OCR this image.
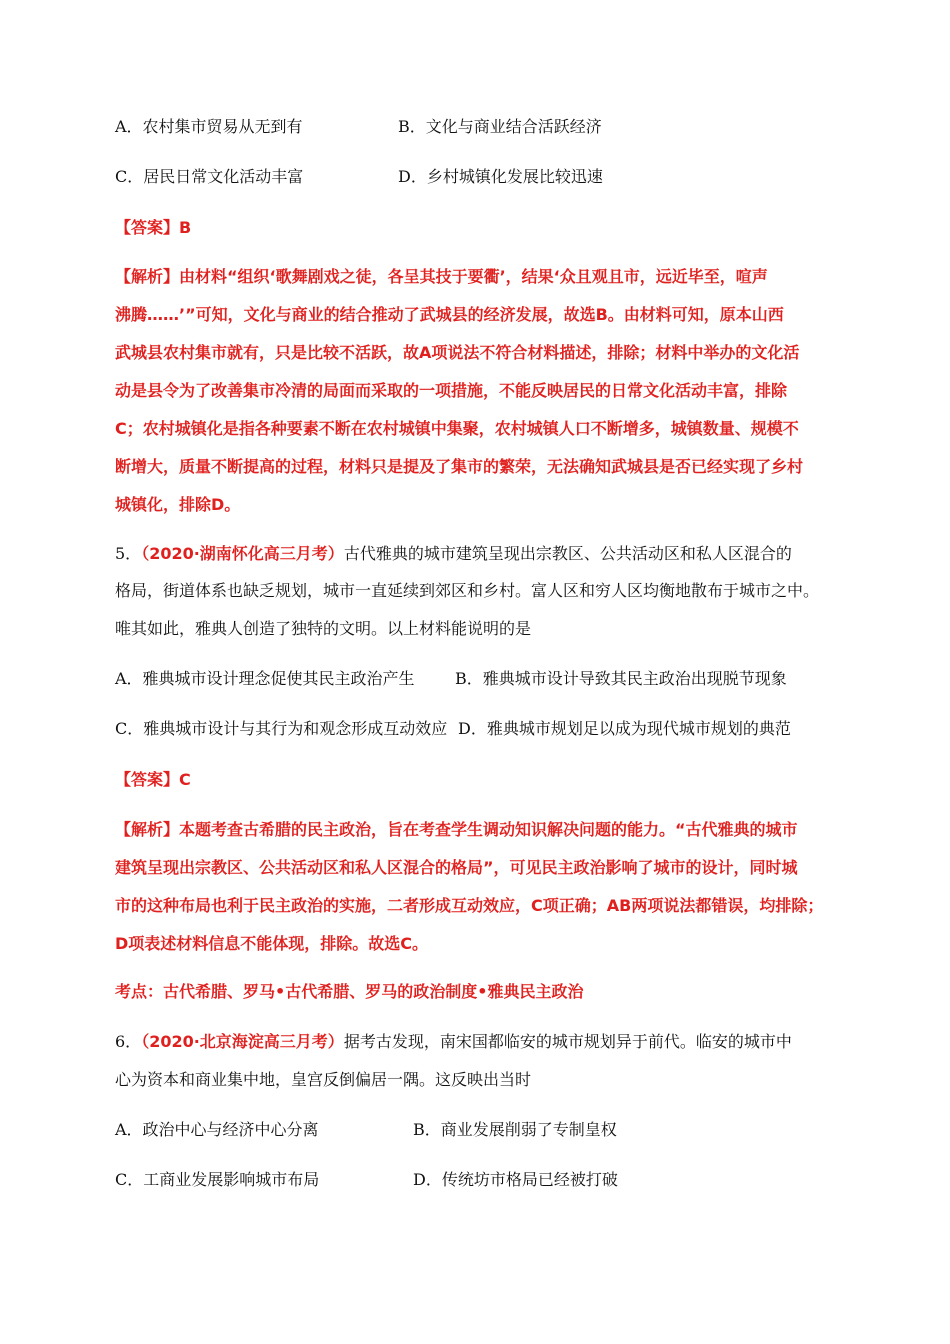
A．农村集市贸易从无到有	B．文化与商业结合活跃经济
C．居民日常文化活动丰富	D．乡村城镇化发展比较迅速
【答案】B
【解析】由材料“组织‘歌舞剧戏之徒，各呈其技于要衢’，结果‘众且观且市，远近毕至，喧声
沸腾……’”可知，文化与商业的结合推动了武城县的经济发展，故选B。由材料可知，原本山西
武城县农村集市就有，只是比较不活跃，故A项说法不符合材料描述，排除；材料中举办的文化活
动是县令为了改善集市冷清的局面而采取的一项措施，不能反映居民的日常文化活动丰富，排除
C；农村城镇化是指各种要素不断在农村城镇中集聚，农村城镇人口不断增多，城镇数量、规模不
断增大，质量不断提高的过程，材料只是提及了集市的繁荣，无法确知武城县是否已经实现了乡村
城镇化，排除D。
5．（2020·湖南怀化高三月考）古代雅典的城市建筑呈现出宗教区、公共活动区和私人区混合的
格局，街道体系也缺乏规划，城市一直延续到郊区和乡村。富人区和穷人区均衡地散布于城市之中。
唯其如此，雅典人创造了独特的文明。以上材料能说明的是
A．雅典城市设计理念促使其民主政治产生	B．雅典城市设计导致其民主政治出现脱节现象
C．雅典城市设计与其行为和观念形成互动效应 D．雅典城市规划足以成为现代城市规划的典范
【答案】C
【解析】本题考查古希腊的民主政治，旨在考查学生调动知识解决问题的能力。“古代雅典的城市
建筑呈现出宗教区、公共活动区和私人区混合的格局”，可见民主政治影响了城市的设计，同时城
市的这种布局也利于民主政治的实施，二者形成互动效应，C项正确；AB两项说法都错误，均排除；
D项表述材料信息不能体现，排除。故选C。
考点：古代希腊、罗马•古代希腊、罗马的政治制度•雅典民主政治
6．（2020·北京海淀高三月考）据考古发现，南宋国都临安的城市规划异于前代。临安的城市中
心为资本和商业集中地，皇宫反倒偏居一隅。这反映出当时
A．政治中心与经济中心分离	B．商业发展削弱了专制皇权
C．工商业发展影响城市布局	D．传统坊市格局已经被打破
